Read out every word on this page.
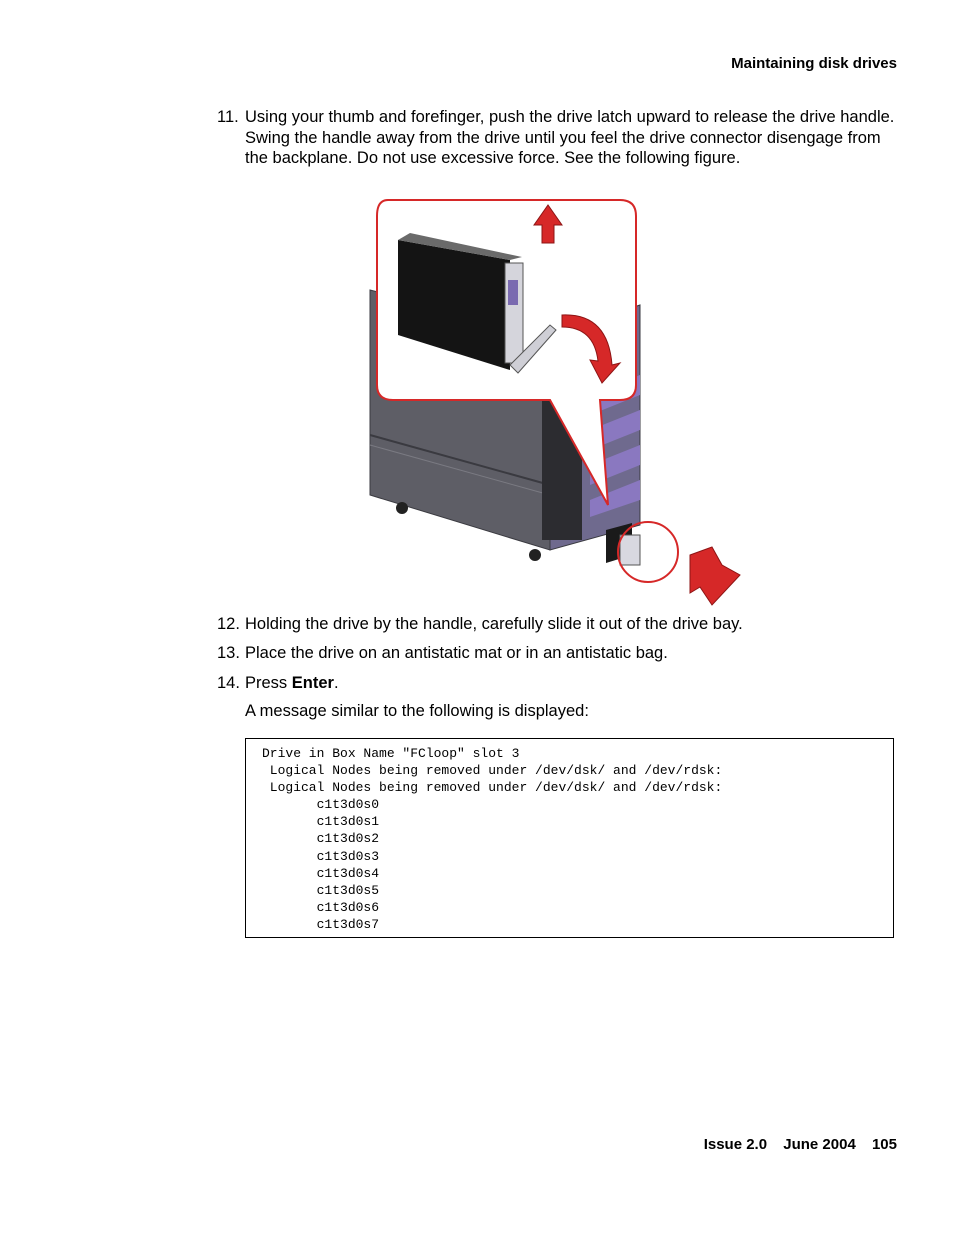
Maintaining disk drives
11. Using your thumb and forefinger, push the drive latch upward to release the drive handle. Swing the handle away from the drive until you feel the drive connector disengage from the backplane. Do not use excessive force. See the following figure.
12. Holding the drive by the handle, carefully slide it out of the drive bay.
13. Place the drive on an antistatic mat or in an antistatic bag.
14. Press Enter.
A message similar to the following is displayed:
Drive in Box Name "FCloop" slot 3
Logical Nodes being removed under /dev/dsk/ and /dev/rdsk:
Logical Nodes being removed under /dev/dsk/ and /dev/rdsk:
c1t3d0s0
c1t3d0s1
c1t3d0s2
c1t3d0s3
c1t3d0s4
c1t3d0s5
c1t3d0s6
c1t3d0s7
Issue 2.0 June 2004 105
